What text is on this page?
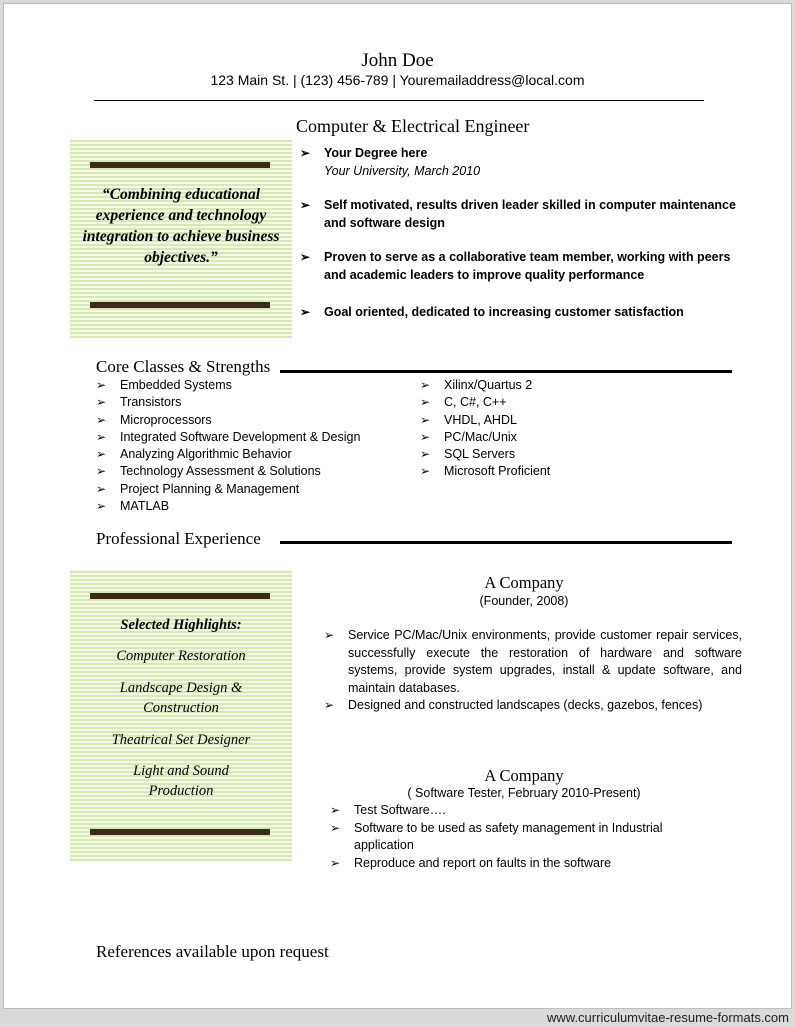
John Doe
123 Main St. | (123) 456-789 | Youremailaddress@local.com
Computer & Electrical Engineer
“Combining educational experience and technology integration to achieve business objectives.”
➢ Your Degree here
Your University, March 2010
➢ Self motivated, results driven leader skilled in computer maintenance and software design
➢ Proven to serve as a collaborative team member, working with peers and academic leaders to improve quality performance
➢ Goal oriented, dedicated to increasing customer satisfaction
Core Classes & Strengths
➢ Embedded Systems
➢ Transistors
➢ Microprocessors
➢ Integrated Software Development & Design
➢ Analyzing Algorithmic Behavior
➢ Technology Assessment & Solutions
➢ Project Planning & Management
➢ MATLAB
➢ Xilinx/Quartus 2
➢ C, C#, C++
➢ VHDL, AHDL
➢ PC/Mac/Unix
➢ SQL Servers
➢ Microsoft Proficient
Professional Experience
Selected Highlights:
Computer Restoration
Landscape Design & Construction
Theatrical Set Designer
Light and Sound Production
A Company
(Founder, 2008)
➢ Service PC/Mac/Unix environments, provide customer repair services, successfully execute the restoration of hardware and software systems, provide system upgrades, install & update software, and maintain databases.
➢ Designed and constructed landscapes (decks, gazebos, fences)
A Company
( Software Tester, February 2010-Present)
➢ Test Software….
➢ Software to be used as safety management in Industrial application
➢ Reproduce and report on faults in the software
References available upon request
www.curriculumvitae-resume-formats.com
